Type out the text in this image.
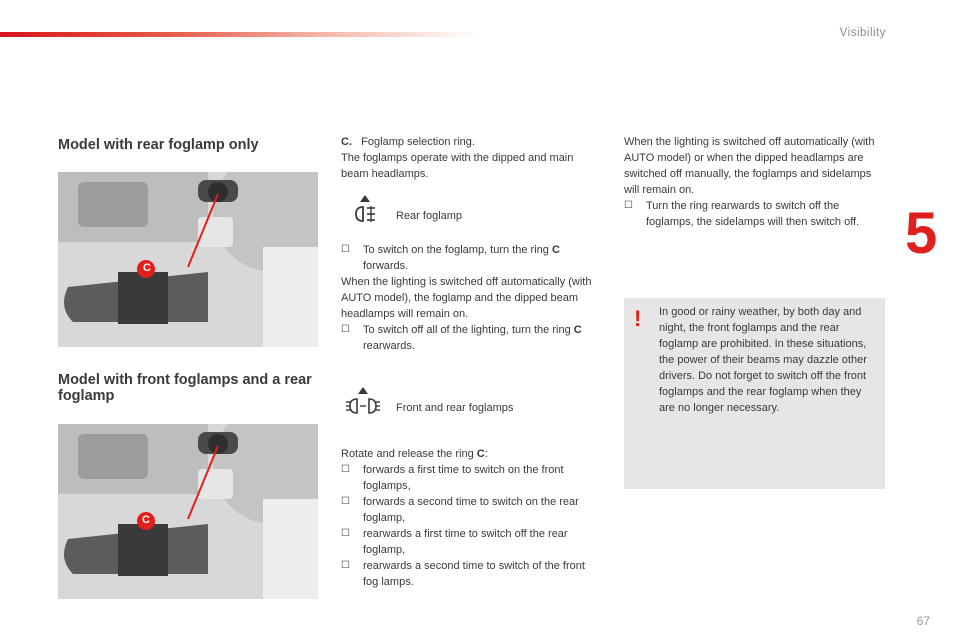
Visibility
5
Model with rear foglamp only
C
Model with front foglamps and a rear foglamp
C

C. Foglamp selection ring.

The foglamps operate with the dipped and main beam headlamps.

Rear foglamp
☐ To switch on the foglamp, turn the ring C forwards.

When the lighting is switched off automatically (with AUTO model), the foglamp and the dipped beam headlamps will remain on.

☐ To switch off all of the lighting, turn the ring C rearwards.
Front and rear foglamps

Rotate and release the ring C:

☐ forwards a first time to switch on the front foglamps,
☐ forwards a second time to switch on the rear foglamp,
☐ rearwards a first time to switch off the rear foglamp,
☐ rearwards a second time to switch of the front fog lamps.

When the lighting is switched off automatically (with AUTO model) or when the dipped headlamps are switched off manually, the foglamps and sidelamps will remain on.

☐ Turn the ring rearwards to switch off the foglamps, the sidelamps will then switch off.
! In good or rainy weather, by both day and night, the front foglamps and the rear foglamp are prohibited. In these situations, the power of their beams may dazzle other drivers. Do not forget to switch off the front foglamps and the rear foglamp when they are no longer necessary.
67
